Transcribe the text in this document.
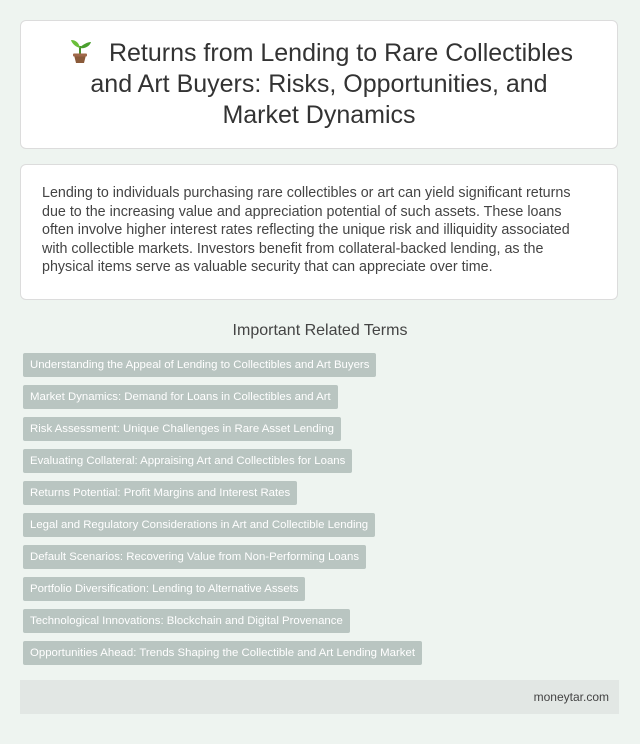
Returns from Lending to Rare Collectibles and Art Buyers: Risks, Opportunities, and Market Dynamics

Lending to individuals purchasing rare collectibles or art can yield significant returns due to the increasing value and appreciation potential of such assets. These loans often involve higher interest rates reflecting the unique risk and illiquidity associated with collectible markets. Investors benefit from collateral-backed lending, as the physical items serve as valuable security that can appreciate over time.

Important Related Terms
Understanding the Appeal of Lending to Collectibles and Art Buyers
Market Dynamics: Demand for Loans in Collectibles and Art
Risk Assessment: Unique Challenges in Rare Asset Lending
Evaluating Collateral: Appraising Art and Collectibles for Loans
Returns Potential: Profit Margins and Interest Rates
Legal and Regulatory Considerations in Art and Collectible Lending
Default Scenarios: Recovering Value from Non-Performing Loans
Portfolio Diversification: Lending to Alternative Assets
Technological Innovations: Blockchain and Digital Provenance
Opportunities Ahead: Trends Shaping the Collectible and Art Lending Market
moneytar.com
